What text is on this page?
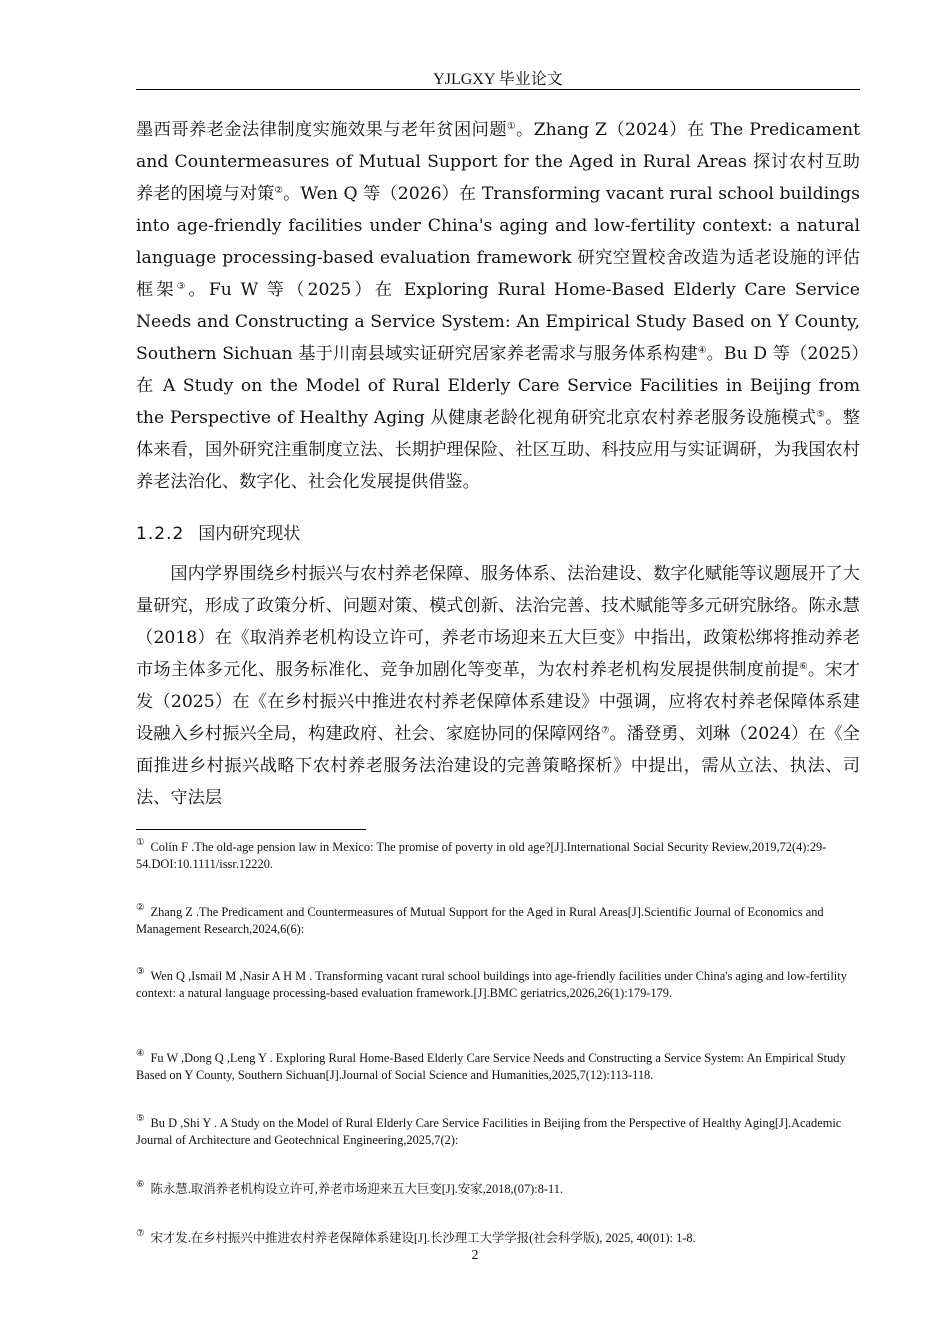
YJLGXY 毕业论文

墨西哥养老金法律制度实施效果与老年贫困问题①。Zhang Z（2024）在 The Predicament and Countermeasures of Mutual Support for the Aged in Rural Areas 探讨农村互助养老的困境与对策②。Wen Q 等（2026）在 Transforming vacant rural school buildings into age-friendly facilities under China's aging and low-fertility context: a natural language processing-based evaluation framework 研究空置校舍改造为适老设施的评估框架③。Fu W 等（2025）在 Exploring Rural Home-Based Elderly Care Service Needs and Constructing a Service System: An Empirical Study Based on Y County, Southern Sichuan 基于川南县域实证研究居家养老需求与服务体系构建④。Bu D 等（2025）在 A Study on the Model of Rural Elderly Care Service Facilities in Beijing from the Perspective of Healthy Aging 从健康老龄化视角研究北京农村养老服务设施模式⑤。整体来看，国外研究注重制度立法、长期护理保险、社区互助、科技应用与实证调研，为我国农村养老法治化、数字化、社会化发展提供借鉴。

1.2.2 国内研究现状

国内学界围绕乡村振兴与农村养老保障、服务体系、法治建设、数字化赋能等议题展开了大量研究，形成了政策分析、问题对策、模式创新、法治完善、技术赋能等多元研究脉络。陈永慧（2018）在《取消养老机构设立许可，养老市场迎来五大巨变》中指出，政策松绑将推动养老市场主体多元化、服务标准化、竞争加剧化等变革，为农村养老机构发展提供制度前提⑥。宋才发（2025）在《在乡村振兴中推进农村养老保障体系建设》中强调，应将农村养老保障体系建设融入乡村振兴全局，构建政府、社会、家庭协同的保障网络⑦。潘登勇、刘琳（2024）在《全面推进乡村振兴战略下农村养老服务法治建设的完善策略探析》中提出，需从立法、执法、司法、守法层

① Colín F .The old-age pension law in Mexico: The promise of poverty in old age?[J].International Social Security Review,2019,72(4):29-54.DOI:10.1111/issr.12220.

② Zhang Z .The Predicament and Countermeasures of Mutual Support for the Aged in Rural Areas[J].Scientific Journal of Economics and Management Research,2024,6(6):

③ Wen Q ,Ismail M ,Nasir A H M . Transforming vacant rural school buildings into age-friendly facilities under China's aging and low-fertility context: a natural language processing-based evaluation framework.[J].BMC geriatrics,2026,26(1):179-179.

④ Fu W ,Dong Q ,Leng Y . Exploring Rural Home-Based Elderly Care Service Needs and Constructing a Service System: An Empirical Study Based on Y County, Southern Sichuan[J].Journal of Social Science and Humanities,2025,7(12):113-118.

⑤ Bu D ,Shi Y . A Study on the Model of Rural Elderly Care Service Facilities in Beijing from the Perspective of Healthy Aging[J].Academic Journal of Architecture and Geotechnical Engineering,2025,7(2):

⑥ 陈永慧.取消养老机构设立许可,养老市场迎来五大巨变[J].安家,2018,(07):8-11.

⑦ 宋才发.在乡村振兴中推进农村养老保障体系建设[J].长沙理工大学学报(社会科学版), 2025, 40(01): 1-8.

2
